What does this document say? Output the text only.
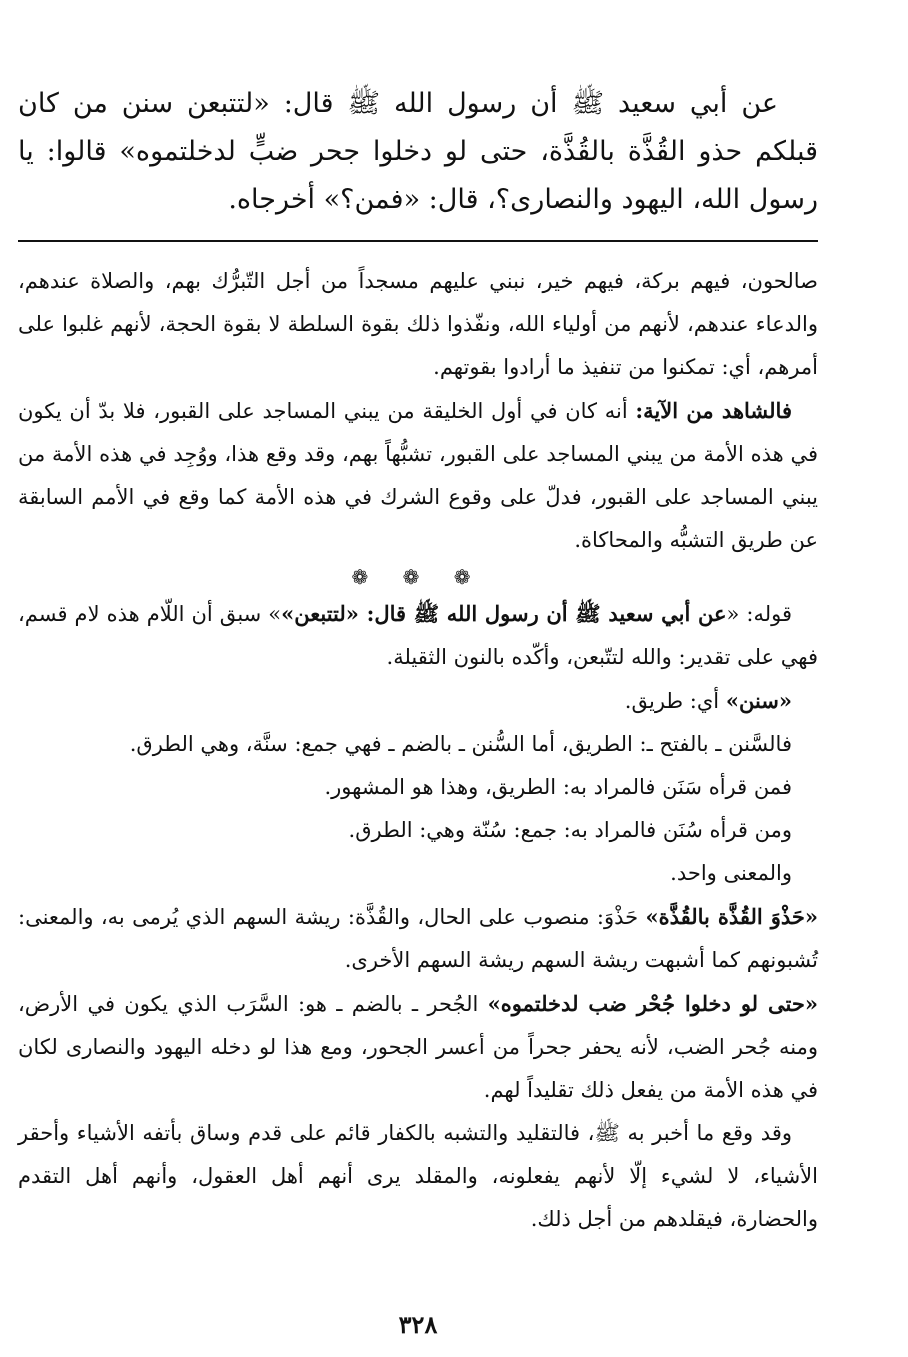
عن أبي سعيد ﷺ أن رسول الله ﷺ قال: «لتتبعن سنن من كان قبلكم حذو القُذَّة بالقُذَّة، حتى لو دخلوا جحر ضبٍّ لدخلتموه» قالوا: يا رسول الله، اليهود والنصارى؟، قال: «فمن؟» أخرجاه.

صالحون، فيهم بركة، فيهم خير، نبني عليهم مسجداً من أجل التّبرُّك بهم، والصلاة عندهم، والدعاء عندهم، لأنهم من أولياء الله، ونفّذوا ذلك بقوة السلطة لا بقوة الحجة، لأنهم غلبوا على أمرهم، أي: تمكنوا من تنفيذ ما أرادوا بقوتهم.

فالشاهد من الآية: أنه كان في أول الخليقة من يبني المساجد على القبور، فلا بدّ أن يكون في هذه الأمة من يبني المساجد على القبور، تشبُّهاً بهم، وقد وقع هذا، ووُجِد في هذه الأمة من يبني المساجد على القبور، فدلّ على وقوع الشرك في هذه الأمة كما وقع في الأمم السابقة عن طريق التشبُّه والمحاكاة.

❁ ❁ ❁

قوله: «عن أبي سعيد ﷺ أن رسول الله ﷺ قال: «لتتبعن»» سبق أن اللّام هذه لام قسم، فهي على تقدير: والله لتتّبعن، وأكّده بالنون الثقيلة.

«سنن» أي: طريق.

فالسَّنن ـ بالفتح ـ: الطريق، أما السُّنن ـ بالضم ـ فهي جمع: سنَّة، وهي الطرق.

فمن قرأه سَنَن فالمراد به: الطريق، وهذا هو المشهور.

ومن قرأه سُنَن فالمراد به: جمع: سُنّة وهي: الطرق.

والمعنى واحد.

«حَذْوَ القُذَّة بالقُذَّة» حَذْوَ: منصوب على الحال، والقُذَّة: ريشة السهم الذي يُرمى به، والمعنى: تُشبونهم كما أشبهت ريشة السهم ريشة السهم الأخرى.

«حتى لو دخلوا جُحْر ضب لدخلتموه» الجُحر ـ بالضم ـ هو: السَّرَب الذي يكون في الأرض، ومنه جُحر الضب، لأنه يحفر جحراً من أعسر الجحور، ومع هذا لو دخله اليهود والنصارى لكان في هذه الأمة من يفعل ذلك تقليداً لهم.

وقد وقع ما أخبر به ﷺ، فالتقليد والتشبه بالكفار قائم على قدم وساق بأتفه الأشياء وأحقر الأشياء، لا لشيء إلّا لأنهم يفعلونه، والمقلد يرى أنهم أهل العقول، وأنهم أهل التقدم والحضارة، فيقلدهم من أجل ذلك.

٣٢٨
